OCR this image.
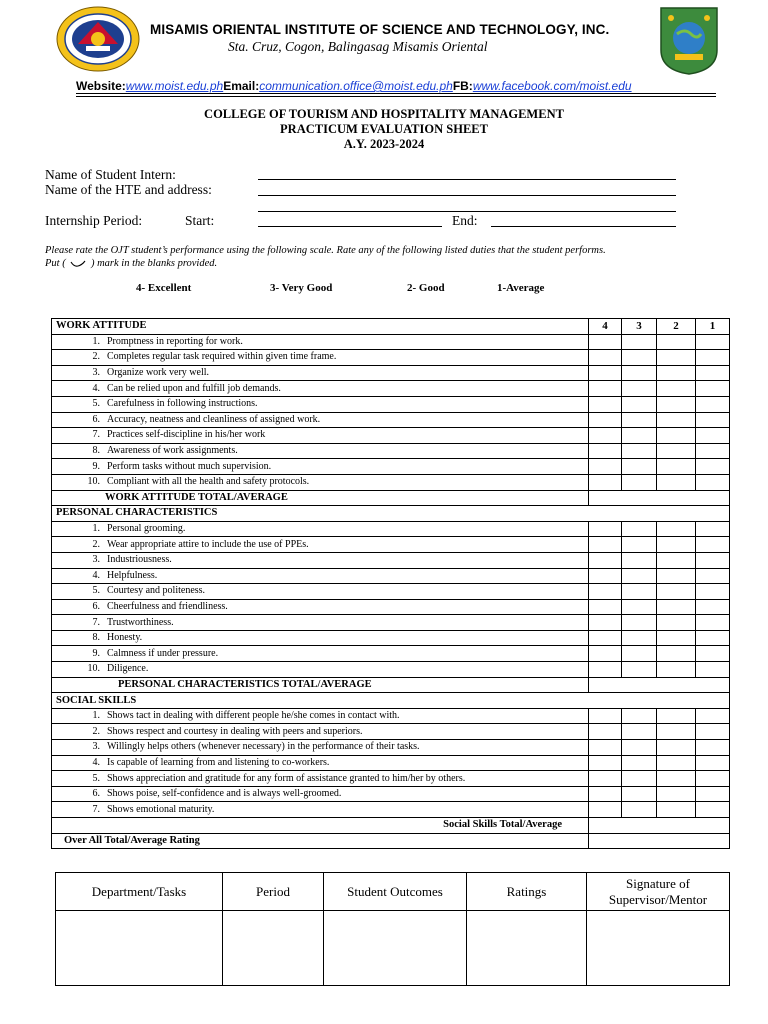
MISAMIS ORIENTAL INSTITUTE OF SCIENCE AND TECHNOLOGY, INC.
Sta. Cruz, Cogon, Balingasag Misamis Oriental
Website:www.moist.edu.phEmail:communication.office@moist.edu.phFB:www.facebook.com/moist.edu
COLLEGE OF TOURISM AND HOSPITALITY MANAGEMENT
PRACTICUM EVALUATION SHEET
A.Y. 2023-2024
Name of Student Intern:
Name of the HTE and address:
Internship Period:	Start:	End:
Please rate the OJT student’s performance using the following scale. Rate any of the following listed duties that the student performs.
Put ( ) mark in the blanks provided.
4- Excellent	3- Very Good	2- Good	1-Average
WORK ATTITUDE	4	3	2	1
1. Promptness in reporting for work.				
2. Completes regular task required within given time frame.				
3. Organize work very well.				
4. Can be relied upon and fulfill job demands.				
5. Carefulness in following instructions.				
6. Accuracy, neatness and cleanliness of assigned work.				
7. Practices self-discipline in his/her work				
8. Awareness of work assignments.				
9. Perform tasks without much supervision.				
10. Compliant with all the health and safety protocols.				
WORK ATTITUDE TOTAL/AVERAGE				
PERSONAL CHARACTERISTICS				
1. Personal grooming.				
2. Wear appropriate attire to include the use of PPEs.				
3. Industriousness.				
4. Helpfulness.				
5. Courtesy and politeness.				
6. Cheerfulness and friendliness.				
7. Trustworthiness.				
8. Honesty.				
9. Calmness if under pressure.				
10. Diligence.				
PERSONAL CHARACTERISTICS TOTAL/AVERAGE				
SOCIAL SKILLS				
1. Shows tact in dealing with different people he/she comes in contact with.				
2. Shows respect and courtesy in dealing with peers and superiors.				
3. Willingly helps others (whenever necessary) in the performance of their tasks.				
4. Is capable of learning from and listening to co-workers.				
5. Shows appreciation and gratitude for any form of assistance granted to him/her by others.				
6. Shows poise, self-confidence and is always well-groomed.				
7. Shows emotional maturity.				
Social Skills Total/Average				
Over All Total/Average Rating				
Department/Tasks	Period	Student Outcomes	Ratings	Signature of Supervisor/Mentor
